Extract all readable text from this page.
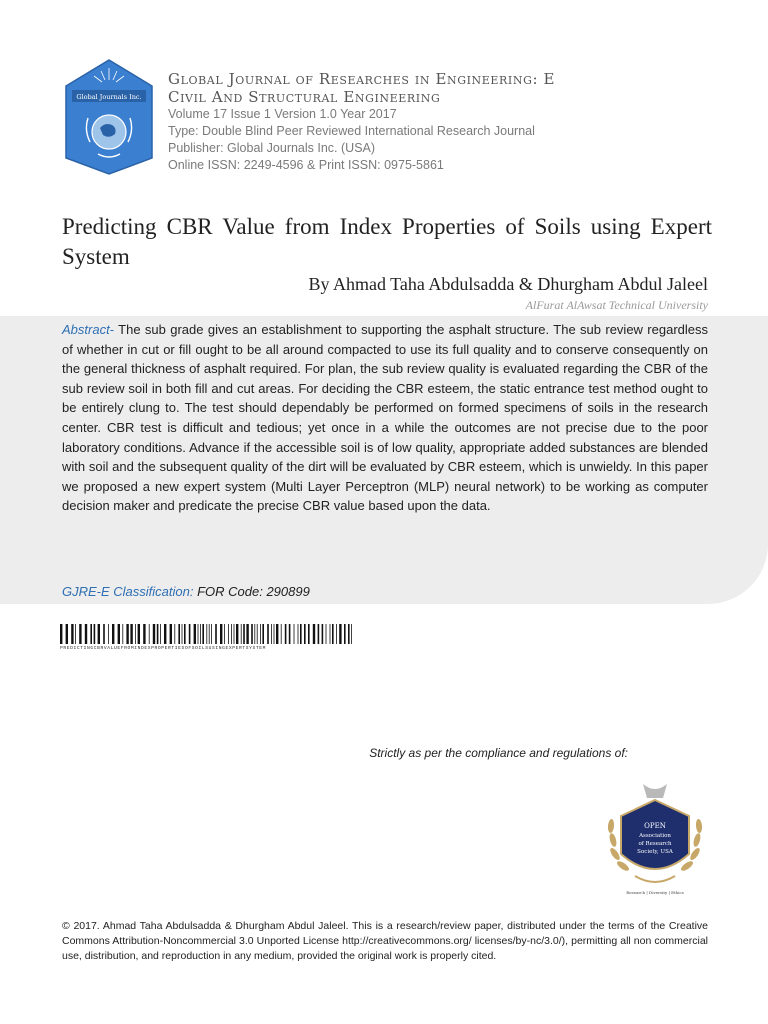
Global Journals Inc.
Global Journal of Researches in Engineering: E
Civil And Structural Engineering
Volume 17 Issue 1 Version 1.0 Year 2017
Type: Double Blind Peer Reviewed International Research Journal
Publisher: Global Journals Inc. (USA)
Online ISSN: 2249-4596 & Print ISSN: 0975-5861
Predicting CBR Value from Index Properties of Soils using Expert System
By Ahmad Taha Abdulsadda & Dhurgham Abdul Jaleel
AlFurat AlAwsat Technical University
Abstract- The sub grade gives an establishment to supporting the asphalt structure. The sub review regardless of whether in cut or fill ought to be all around compacted to use its full quality and to conserve consequently on the general thickness of asphalt required. For plan, the sub review quality is evaluated regarding the CBR of the sub review soil in both fill and cut areas. For deciding the CBR esteem, the static entrance test method ought to be entirely clung to. The test should dependably be performed on formed specimens of soils in the research center. CBR test is difficult and tedious; yet once in a while the outcomes are not precise due to the poor laboratory conditions. Advance if the accessible soil is of low quality, appropriate added substances are blended with soil and the subsequent quality of the dirt will be evaluated by CBR esteem, which is unwieldy. In this paper we proposed a new expert system (Multi Layer Perceptron (MLP) neural network) to be working as computer decision maker and predicate the precise CBR value based upon the data.
GJRE-E Classification: FOR Code: 290899
PREDICTINGCBRVALUEFROMINDEXPROPERTIESOFSOILSUSINGEXPERTSYSTEM
Strictly as per the compliance and regulations of:
OPEN
Association
of Research
Society, USA
Research | Diversity | Ethics
© 2017. Ahmad Taha Abdulsadda & Dhurgham Abdul Jaleel. This is a research/review paper, distributed under the terms of the Creative Commons Attribution-Noncommercial 3.0 Unported License http://creativecommons.org/ licenses/by-nc/3.0/), permitting all non commercial use, distribution, and reproduction in any medium, provided the original work is properly cited.
